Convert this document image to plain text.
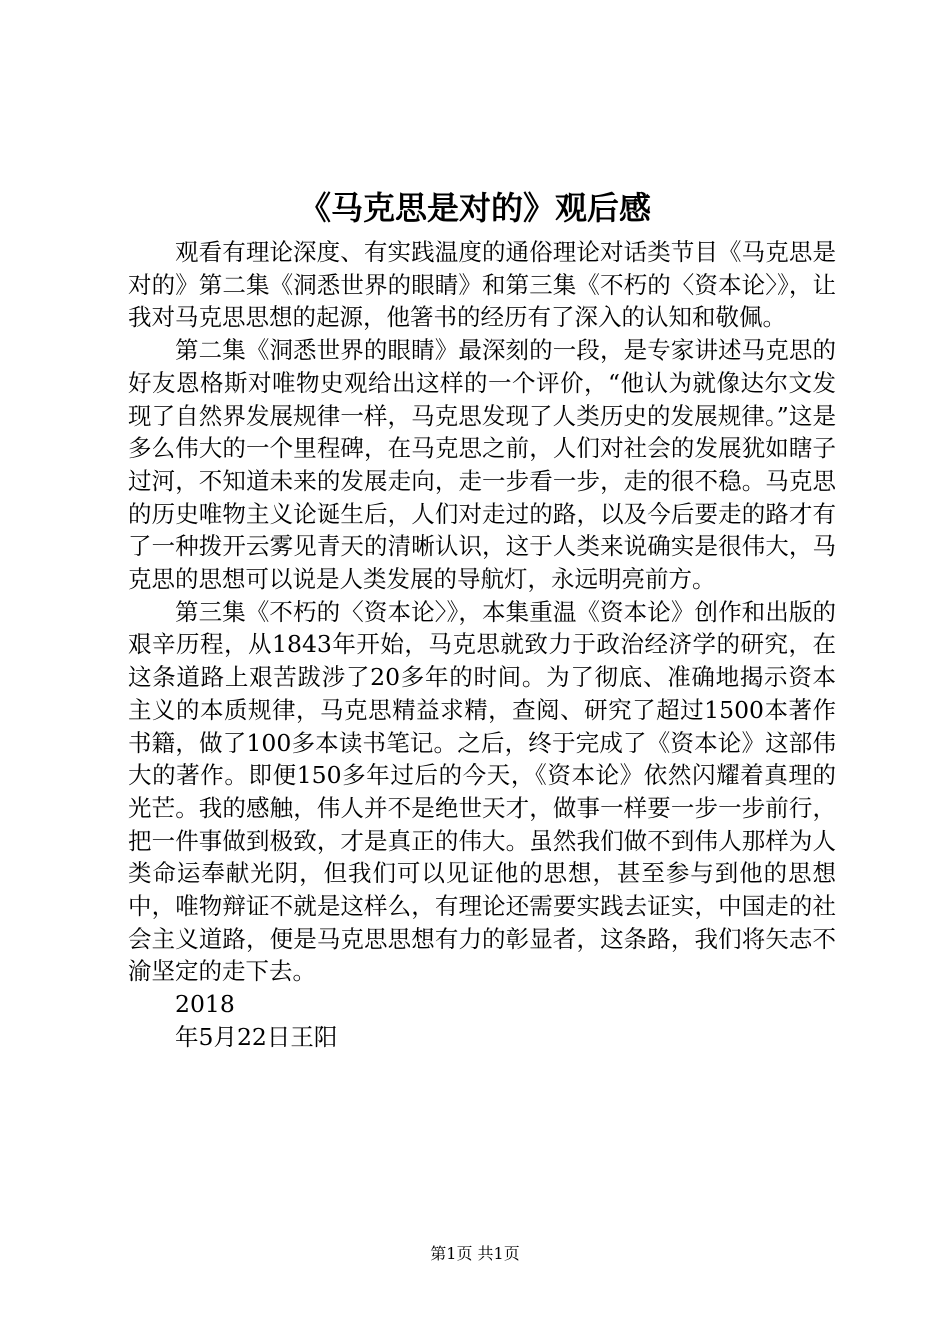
《马克思是对的》观后感

观看有理论深度、有实践温度的通俗理论对话类节目《马克思是对的》第二集《洞悉世界的眼睛》和第三集《不朽的〈资本论〉》，让我对马克思思想的起源，他箸书的经历有了深入的认知和敬佩。

第二集《洞悉世界的眼睛》最深刻的一段，是专家讲述马克思的好友恩格斯对唯物史观给出这样的一个评价，“他认为就像达尔文发现了自然界发展规律一样，马克思发现了人类历史的发展规律。”这是多么伟大的一个里程碑，在马克思之前，人们对社会的发展犹如瞎子过河，不知道未来的发展走向，走一步看一步，走的很不稳。马克思的历史唯物主义论诞生后，人们对走过的路，以及今后要走的路才有了一种拨开云雾见青天的清晰认识，这于人类来说确实是很伟大，马克思的思想可以说是人类发展的导航灯，永远明亮前方。

第三集《不朽的〈资本论〉》，本集重温《资本论》创作和出版的艰辛历程，从1843年开始，马克思就致力于政治经济学的研究，在这条道路上艰苦跋涉了20多年的时间。为了彻底、准确地揭示资本主义的本质规律，马克思精益求精，查阅、研究了超过1500本著作书籍，做了100多本读书笔记。之后，终于完成了《资本论》这部伟大的著作。即便150多年过后的今天，《资本论》依然闪耀着真理的光芒。我的感触，伟人并不是绝世天才，做事一样要一步一步前行，把一件事做到极致，才是真正的伟大。虽然我们做不到伟人那样为人类命运奉献光阴，但我们可以见证他的思想，甚至参与到他的思想中，唯物辩证不就是这样么，有理论还需要实践去证实，中国走的社会主义道路，便是马克思思想有力的彰显者，这条路，我们将矢志不渝坚定的走下去。

2018

年5月22日王阳

第1页 共1页
